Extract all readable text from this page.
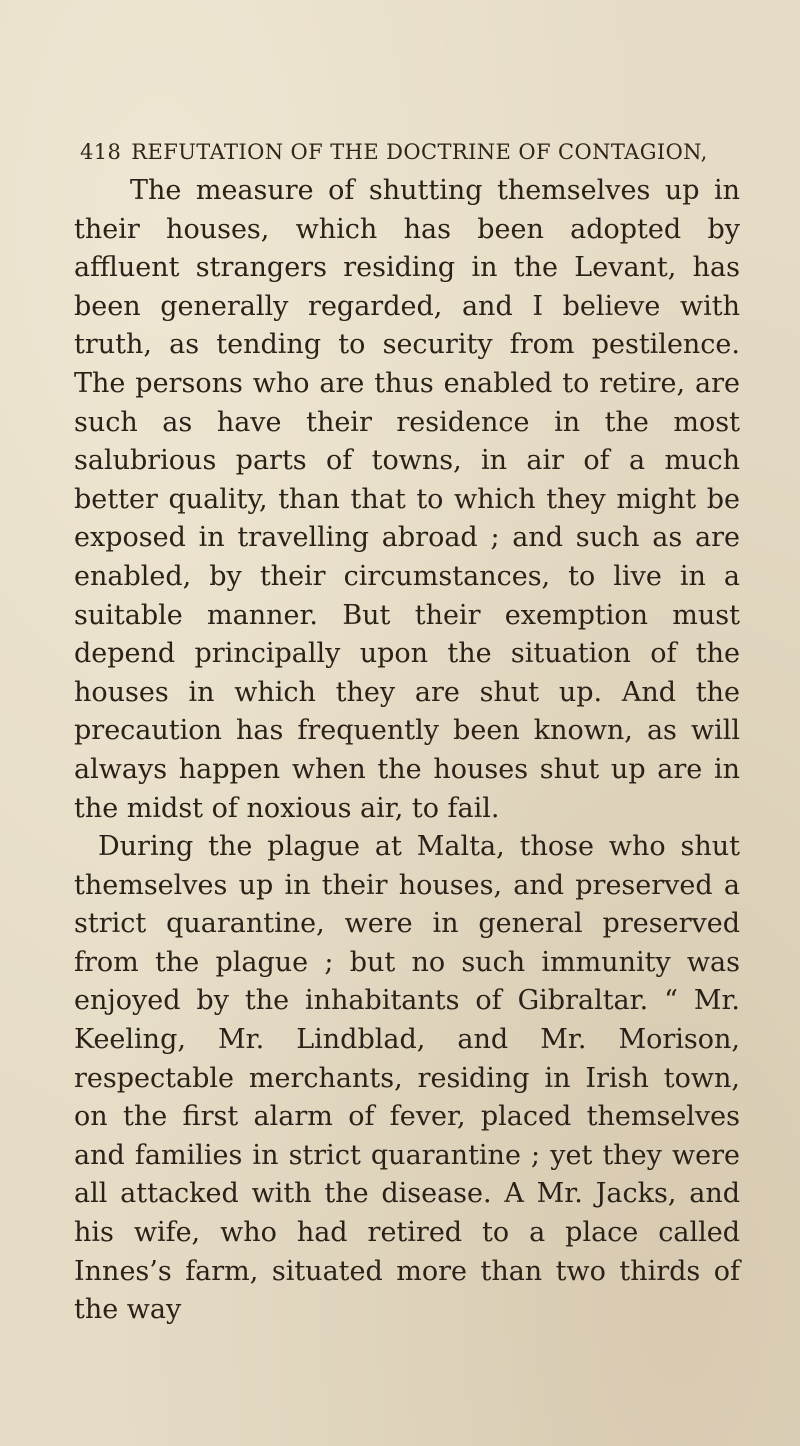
418 REFUTATION OF THE DOCTRINE OF CONTAGION,

The measure of shutting themselves up in their houses, which has been adopted by affluent strangers residing in the Levant, has been generally regarded, and I believe with truth, as tending to security from pestilence. The persons who are thus enabled to retire, are such as have their residence in the most salubrious parts of towns, in air of a much better quality, than that to which they might be exposed in travelling abroad ; and such as are enabled, by their circumstances, to live in a suitable manner. But their exemption must depend principally upon the situation of the houses in which they are shut up. And the precaution has frequently been known, as will always happen when the houses shut up are in the midst of noxious air, to fail.

During the plague at Malta, those who shut themselves up in their houses, and preserved a strict quarantine, were in general preserved from the plague ; but no such immunity was enjoyed by the inhabitants of Gibraltar. “ Mr. Keeling, Mr. Lindblad, and Mr. Morison, respectable merchants, residing in Irish town, on the first alarm of fever, placed themselves and families in strict quarantine ; yet they were all attacked with the disease. A Mr. Jacks, and his wife, who had retired to a place called Innes’s farm, situated more than two thirds of the way
